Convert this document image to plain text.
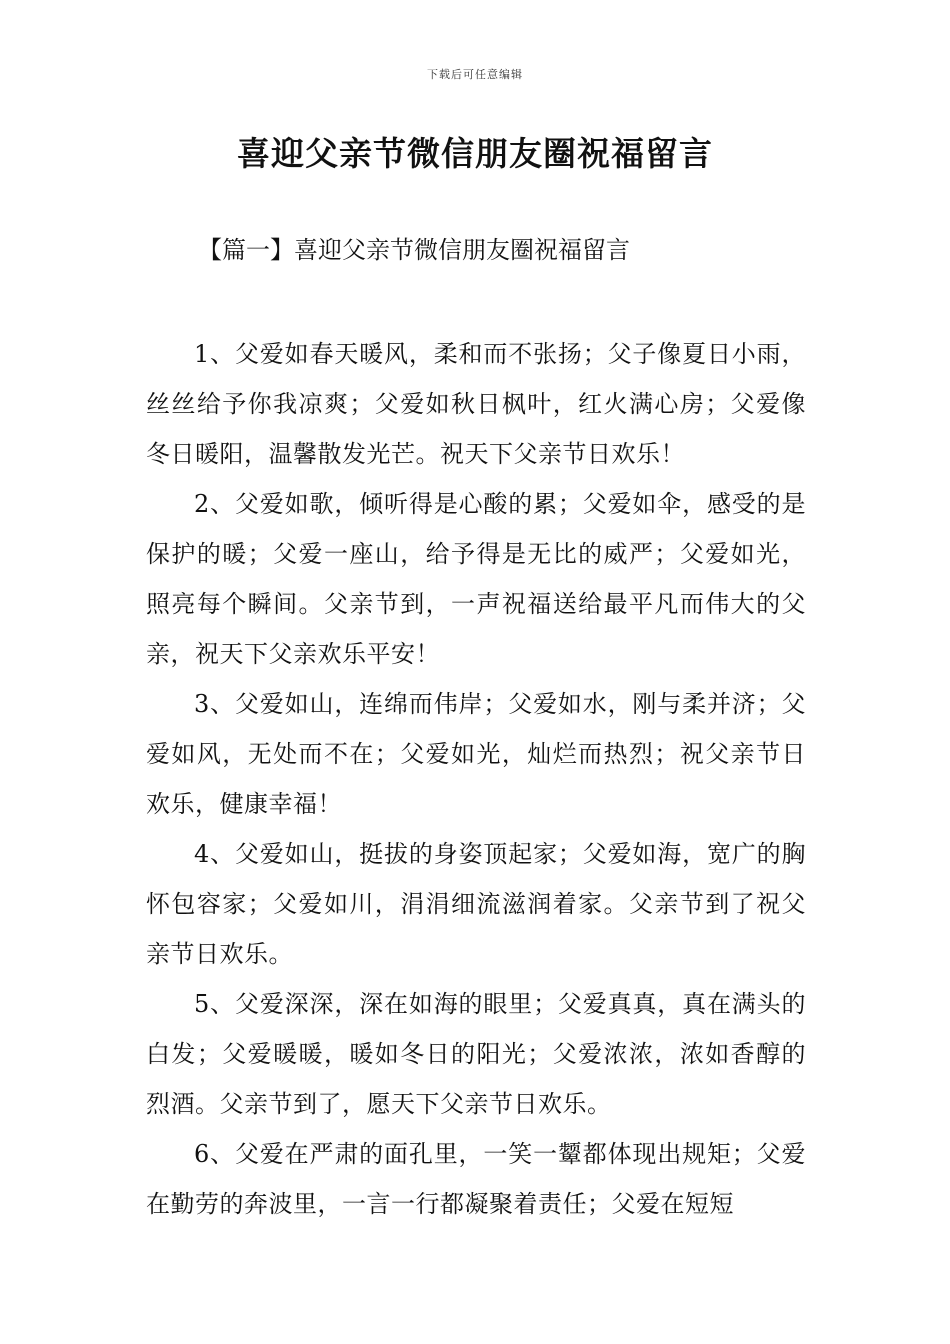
下载后可任意编辑
喜迎父亲节微信朋友圈祝福留言
【篇一】喜迎父亲节微信朋友圈祝福留言

1、父爱如春天暖风，柔和而不张扬；父子像夏日小雨，丝丝给予你我凉爽；父爱如秋日枫叶，红火满心房；父爱像冬日暖阳，温馨散发光芒。祝天下父亲节日欢乐！

2、父爱如歌，倾听得是心酸的累；父爱如伞，感受的是保护的暖；父爱一座山，给予得是无比的威严；父爱如光，照亮每个瞬间。父亲节到，一声祝福送给最平凡而伟大的父亲，祝天下父亲欢乐平安！

3、父爱如山，连绵而伟岸；父爱如水，刚与柔并济；父爱如风，无处而不在；父爱如光，灿烂而热烈；祝父亲节日欢乐，健康幸福！

4、父爱如山，挺拔的身姿顶起家；父爱如海，宽广的胸怀包容家；父爱如川，涓涓细流滋润着家。父亲节到了祝父亲节日欢乐。

5、父爱深深，深在如海的眼里；父爱真真，真在满头的白发；父爱暖暖，暖如冬日的阳光；父爱浓浓，浓如香醇的烈酒。父亲节到了，愿天下父亲节日欢乐。

6、父爱在严肃的面孔里，一笑一颦都体现出规矩；父爱在勤劳的奔波里，一言一行都凝聚着责任；父爱在短短
